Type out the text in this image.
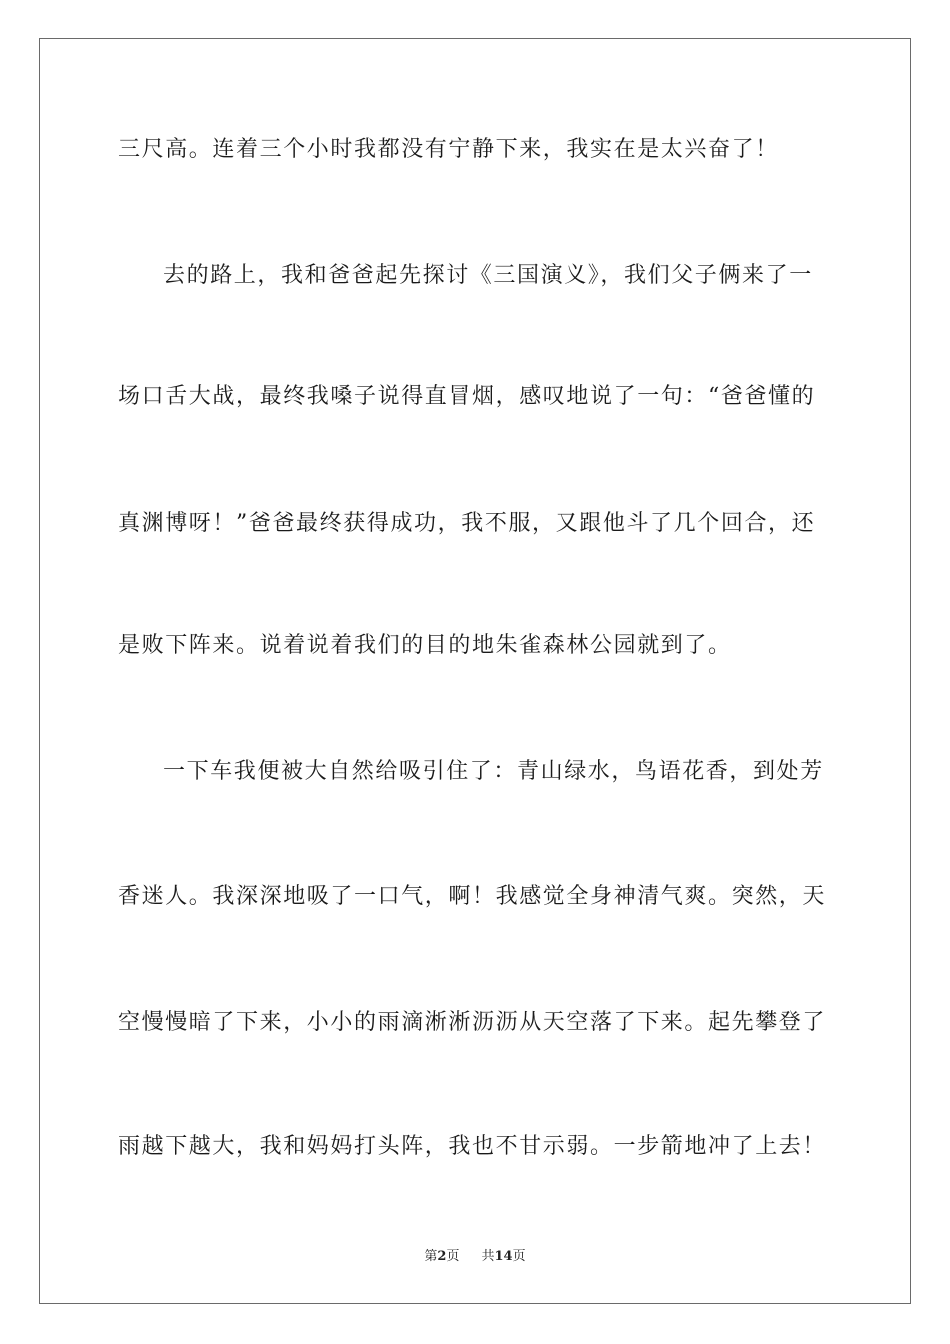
三尺高。连着三个小时我都没有宁静下来，我实在是太兴奋了！
去的路上，我和爸爸起先探讨《三国演义》，我们父子俩来了一
场口舌大战，最终我嗓子说得直冒烟，感叹地说了一句：“爸爸懂的
真渊博呀！”爸爸最终获得成功，我不服，又跟他斗了几个回合，还
是败下阵来。说着说着我们的目的地朱雀森林公园就到了。
一下车我便被大自然给吸引住了：青山绿水，鸟语花香，到处芳
香迷人。我深深地吸了一口气，啊！我感觉全身神清气爽。突然，天
空慢慢暗了下来，小小的雨滴淅淅沥沥从天空落了下来。起先攀登了
雨越下越大，我和妈妈打头阵，我也不甘示弱。一步箭地冲了上去！
第2页 共14页
